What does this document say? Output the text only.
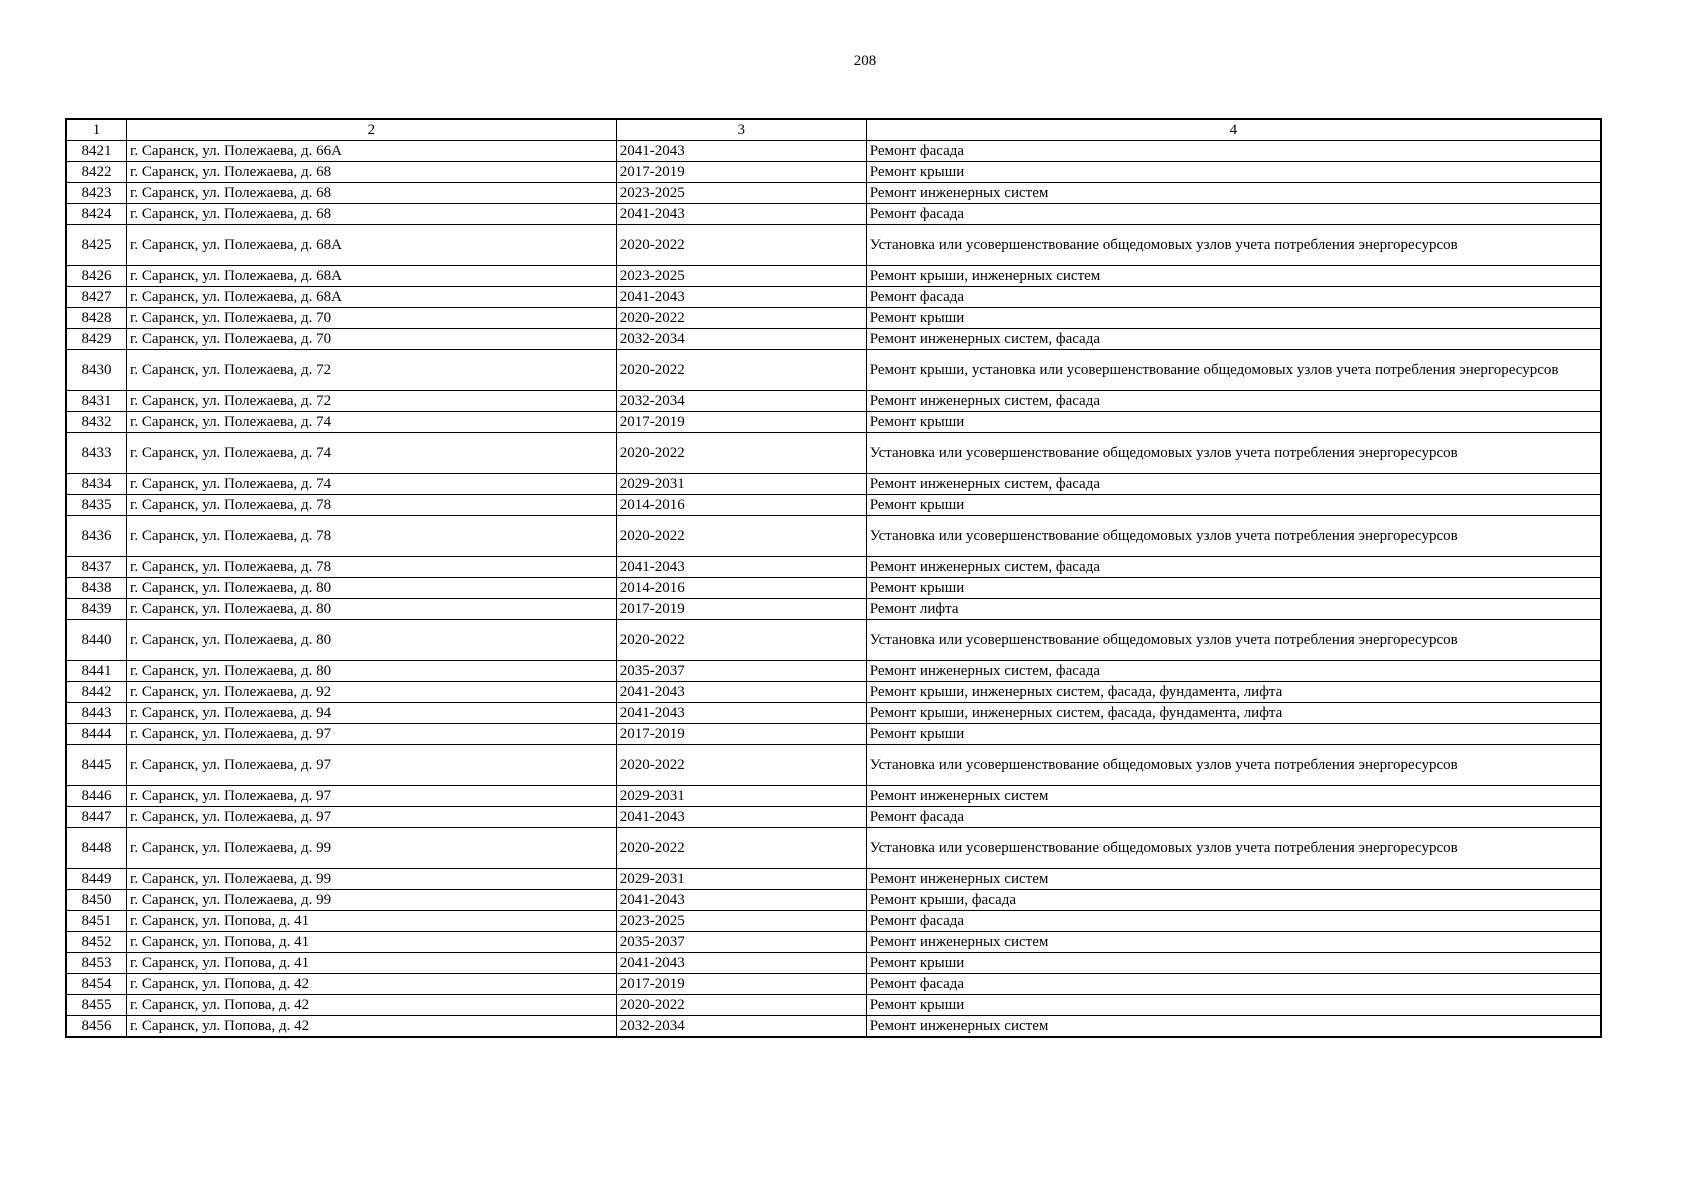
208
1	2	3	4
8421	г. Саранск, ул. Полежаева, д. 66А	2041-2043	Ремонт фасада
8422	г. Саранск, ул. Полежаева, д. 68	2017-2019	Ремонт крыши
8423	г. Саранск, ул. Полежаева, д. 68	2023-2025	Ремонт инженерных систем
8424	г. Саранск, ул. Полежаева, д. 68	2041-2043	Ремонт фасада
8425	г. Саранск, ул. Полежаева, д. 68А	2020-2022	Установка или усовершенствование общедомовых узлов учета потребления энергоресурсов
8426	г. Саранск, ул. Полежаева, д. 68А	2023-2025	Ремонт крыши, инженерных систем
8427	г. Саранск, ул. Полежаева, д. 68А	2041-2043	Ремонт фасада
8428	г. Саранск, ул. Полежаева, д. 70	2020-2022	Ремонт крыши
8429	г. Саранск, ул. Полежаева, д. 70	2032-2034	Ремонт инженерных систем, фасада
8430	г. Саранск, ул. Полежаева, д. 72	2020-2022	Ремонт крыши, установка или усовершенствование общедомовых узлов учета потребления энергоресурсов
8431	г. Саранск, ул. Полежаева, д. 72	2032-2034	Ремонт инженерных систем, фасада
8432	г. Саранск, ул. Полежаева, д. 74	2017-2019	Ремонт крыши
8433	г. Саранск, ул. Полежаева, д. 74	2020-2022	Установка или усовершенствование общедомовых узлов учета потребления энергоресурсов
8434	г. Саранск, ул. Полежаева, д. 74	2029-2031	Ремонт инженерных систем, фасада
8435	г. Саранск, ул. Полежаева, д. 78	2014-2016	Ремонт крыши
8436	г. Саранск, ул. Полежаева, д. 78	2020-2022	Установка или усовершенствование общедомовых узлов учета потребления энергоресурсов
8437	г. Саранск, ул. Полежаева, д. 78	2041-2043	Ремонт инженерных систем, фасада
8438	г. Саранск, ул. Полежаева, д. 80	2014-2016	Ремонт крыши
8439	г. Саранск, ул. Полежаева, д. 80	2017-2019	Ремонт лифта
8440	г. Саранск, ул. Полежаева, д. 80	2020-2022	Установка или усовершенствование общедомовых узлов учета потребления энергоресурсов
8441	г. Саранск, ул. Полежаева, д. 80	2035-2037	Ремонт инженерных систем, фасада
8442	г. Саранск, ул. Полежаева, д. 92	2041-2043	Ремонт крыши, инженерных систем, фасада, фундамента, лифта
8443	г. Саранск, ул. Полежаева, д. 94	2041-2043	Ремонт крыши, инженерных систем, фасада, фундамента, лифта
8444	г. Саранск, ул. Полежаева, д. 97	2017-2019	Ремонт крыши
8445	г. Саранск, ул. Полежаева, д. 97	2020-2022	Установка или усовершенствование общедомовых узлов учета потребления энергоресурсов
8446	г. Саранск, ул. Полежаева, д. 97	2029-2031	Ремонт инженерных систем
8447	г. Саранск, ул. Полежаева, д. 97	2041-2043	Ремонт фасада
8448	г. Саранск, ул. Полежаева, д. 99	2020-2022	Установка или усовершенствование общедомовых узлов учета потребления энергоресурсов
8449	г. Саранск, ул. Полежаева, д. 99	2029-2031	Ремонт инженерных систем
8450	г. Саранск, ул. Полежаева, д. 99	2041-2043	Ремонт крыши, фасада
8451	г. Саранск, ул. Попова, д. 41	2023-2025	Ремонт фасада
8452	г. Саранск, ул. Попова, д. 41	2035-2037	Ремонт инженерных систем
8453	г. Саранск, ул. Попова, д. 41	2041-2043	Ремонт крыши
8454	г. Саранск, ул. Попова, д. 42	2017-2019	Ремонт фасада
8455	г. Саранск, ул. Попова, д. 42	2020-2022	Ремонт крыши
8456	г. Саранск, ул. Попова, д. 42	2032-2034	Ремонт инженерных систем
